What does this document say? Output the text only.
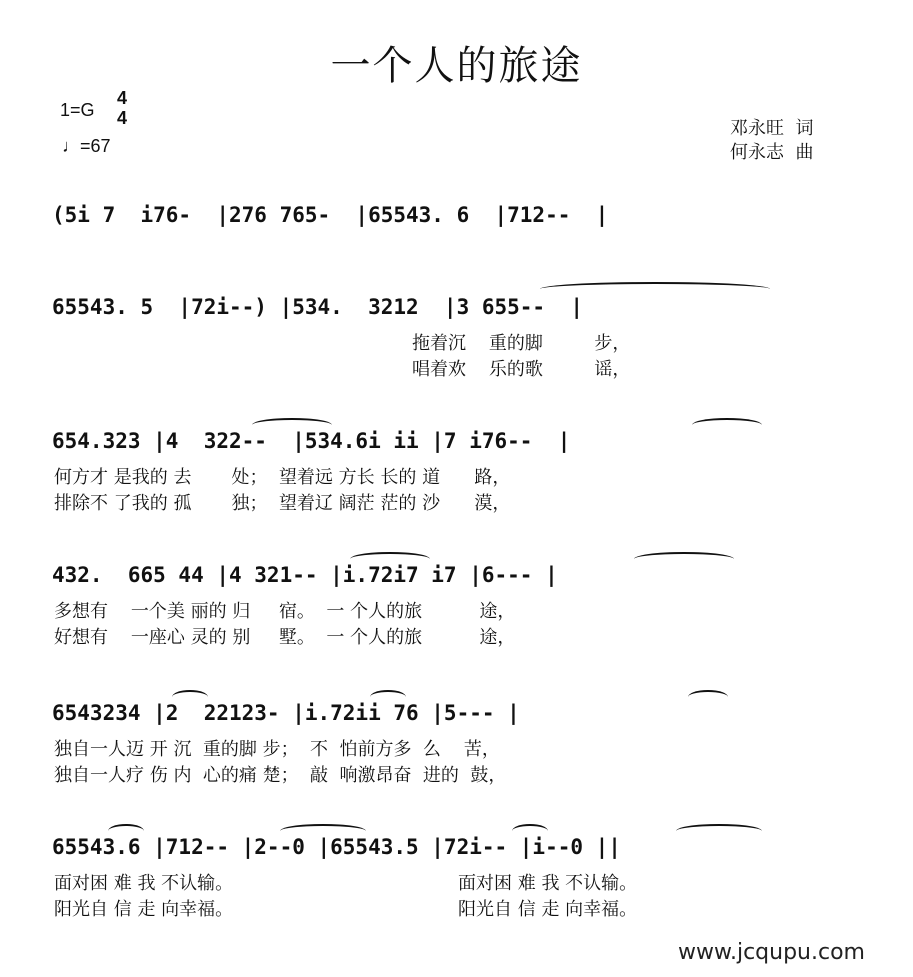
一个人的旅途
1=G
4
4
♩=67
邓永旺  词
何永志  曲
(5i 7  i76-  |276 765-  |65543. 6  |712--  |
65543. 5  |72i--) |534.  3212  |3 655--  |
拖着沉    重的脚         步，
唱着欢    乐的歌         谣，
654.323 |4  322--  |534.6i ii |7 i76--  |
何方才 是我的 去       处；  望着远 方长 长的 道      路，
排除不 了我的 孤       独；  望着辽 阔茫 茫的 沙      漠，
432.  665 44 |4 321-- |i.72i7 i7 |6--- |
多想有    一个美 丽的 归     宿。  一 个人的旅          途，
好想有    一座心 灵的 别     墅。  一 个人的旅          途，
6543234 |2  22123- |i.72ii 76 |5--- |
独自一人迈 开 沉  重的脚 步；  不  怕前方多  么    苦，
独自一人疗 伤 内  心的痛 楚；  敲  响激昂奋  进的  鼓，
65543.6 |712-- |2--0 |65543.5 |72i-- |i--0 ||
面对困 难 我 不认输。
阳光自 信 走 向幸福。
面对困 难 我 不认输。
阳光自 信 走 向幸福。
www.jcqupu.com
